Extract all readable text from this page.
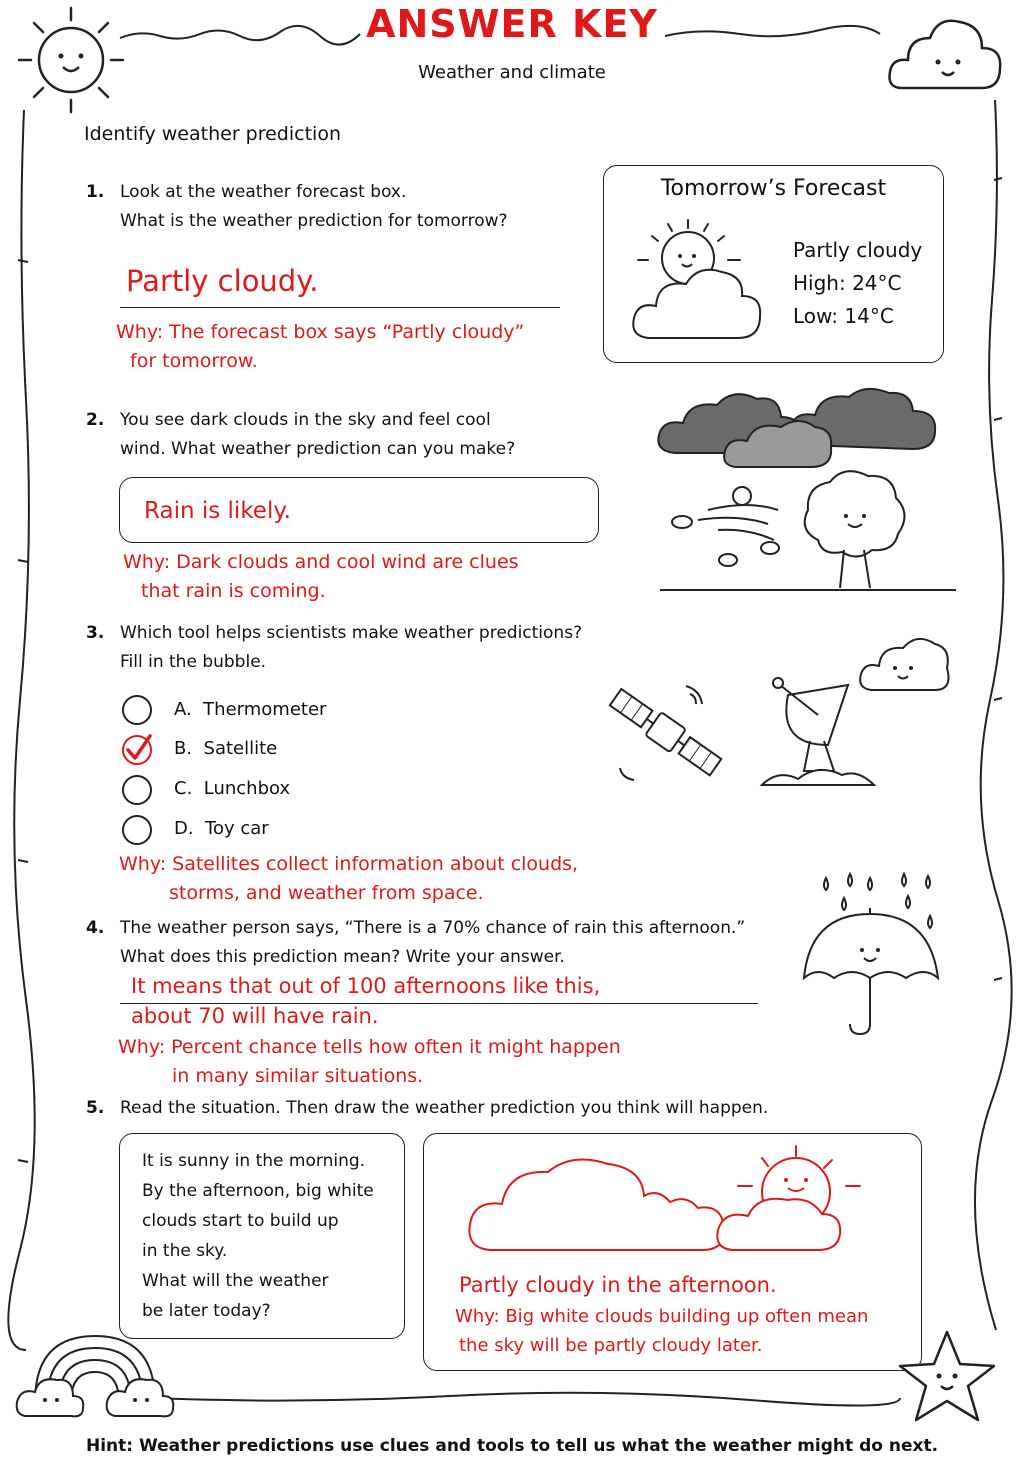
ANSWER KEY
Weather and climate
Identify weather prediction
1. Look at the weather forecast box.
What is the weather prediction for tomorrow?
Partly cloudy.
Why: The forecast box says “Partly cloudy”
for tomorrow.
Tomorrow’s Forecast
Partly cloudy
High: 24°C
Low: 14°C
2. You see dark clouds in the sky and feel cool
wind. What weather prediction can you make?
Rain is likely.
Why: Dark clouds and cool wind are clues
that rain is coming.
3. Which tool helps scientists make weather predictions?
Fill in the bubble.
A. Thermometer
B. Satellite
C. Lunchbox
D. Toy car
Why: Satellites collect information about clouds,
storms, and weather from space.
4. The weather person says, “There is a 70% chance of rain this afternoon.”
What does this prediction mean? Write your answer.
It means that out of 100 afternoons like this,
about 70 will have rain.
Why: Percent chance tells how often it might happen
in many similar situations.
5. Read the situation. Then draw the weather prediction you think will happen.
It is sunny in the morning.
By the afternoon, big white
clouds start to build up
in the sky.
What will the weather
be later today?
Partly cloudy in the afternoon.
Why: Big white clouds building up often mean
the sky will be partly cloudy later.
Hint: Weather predictions use clues and tools to tell us what the weather might do next.
